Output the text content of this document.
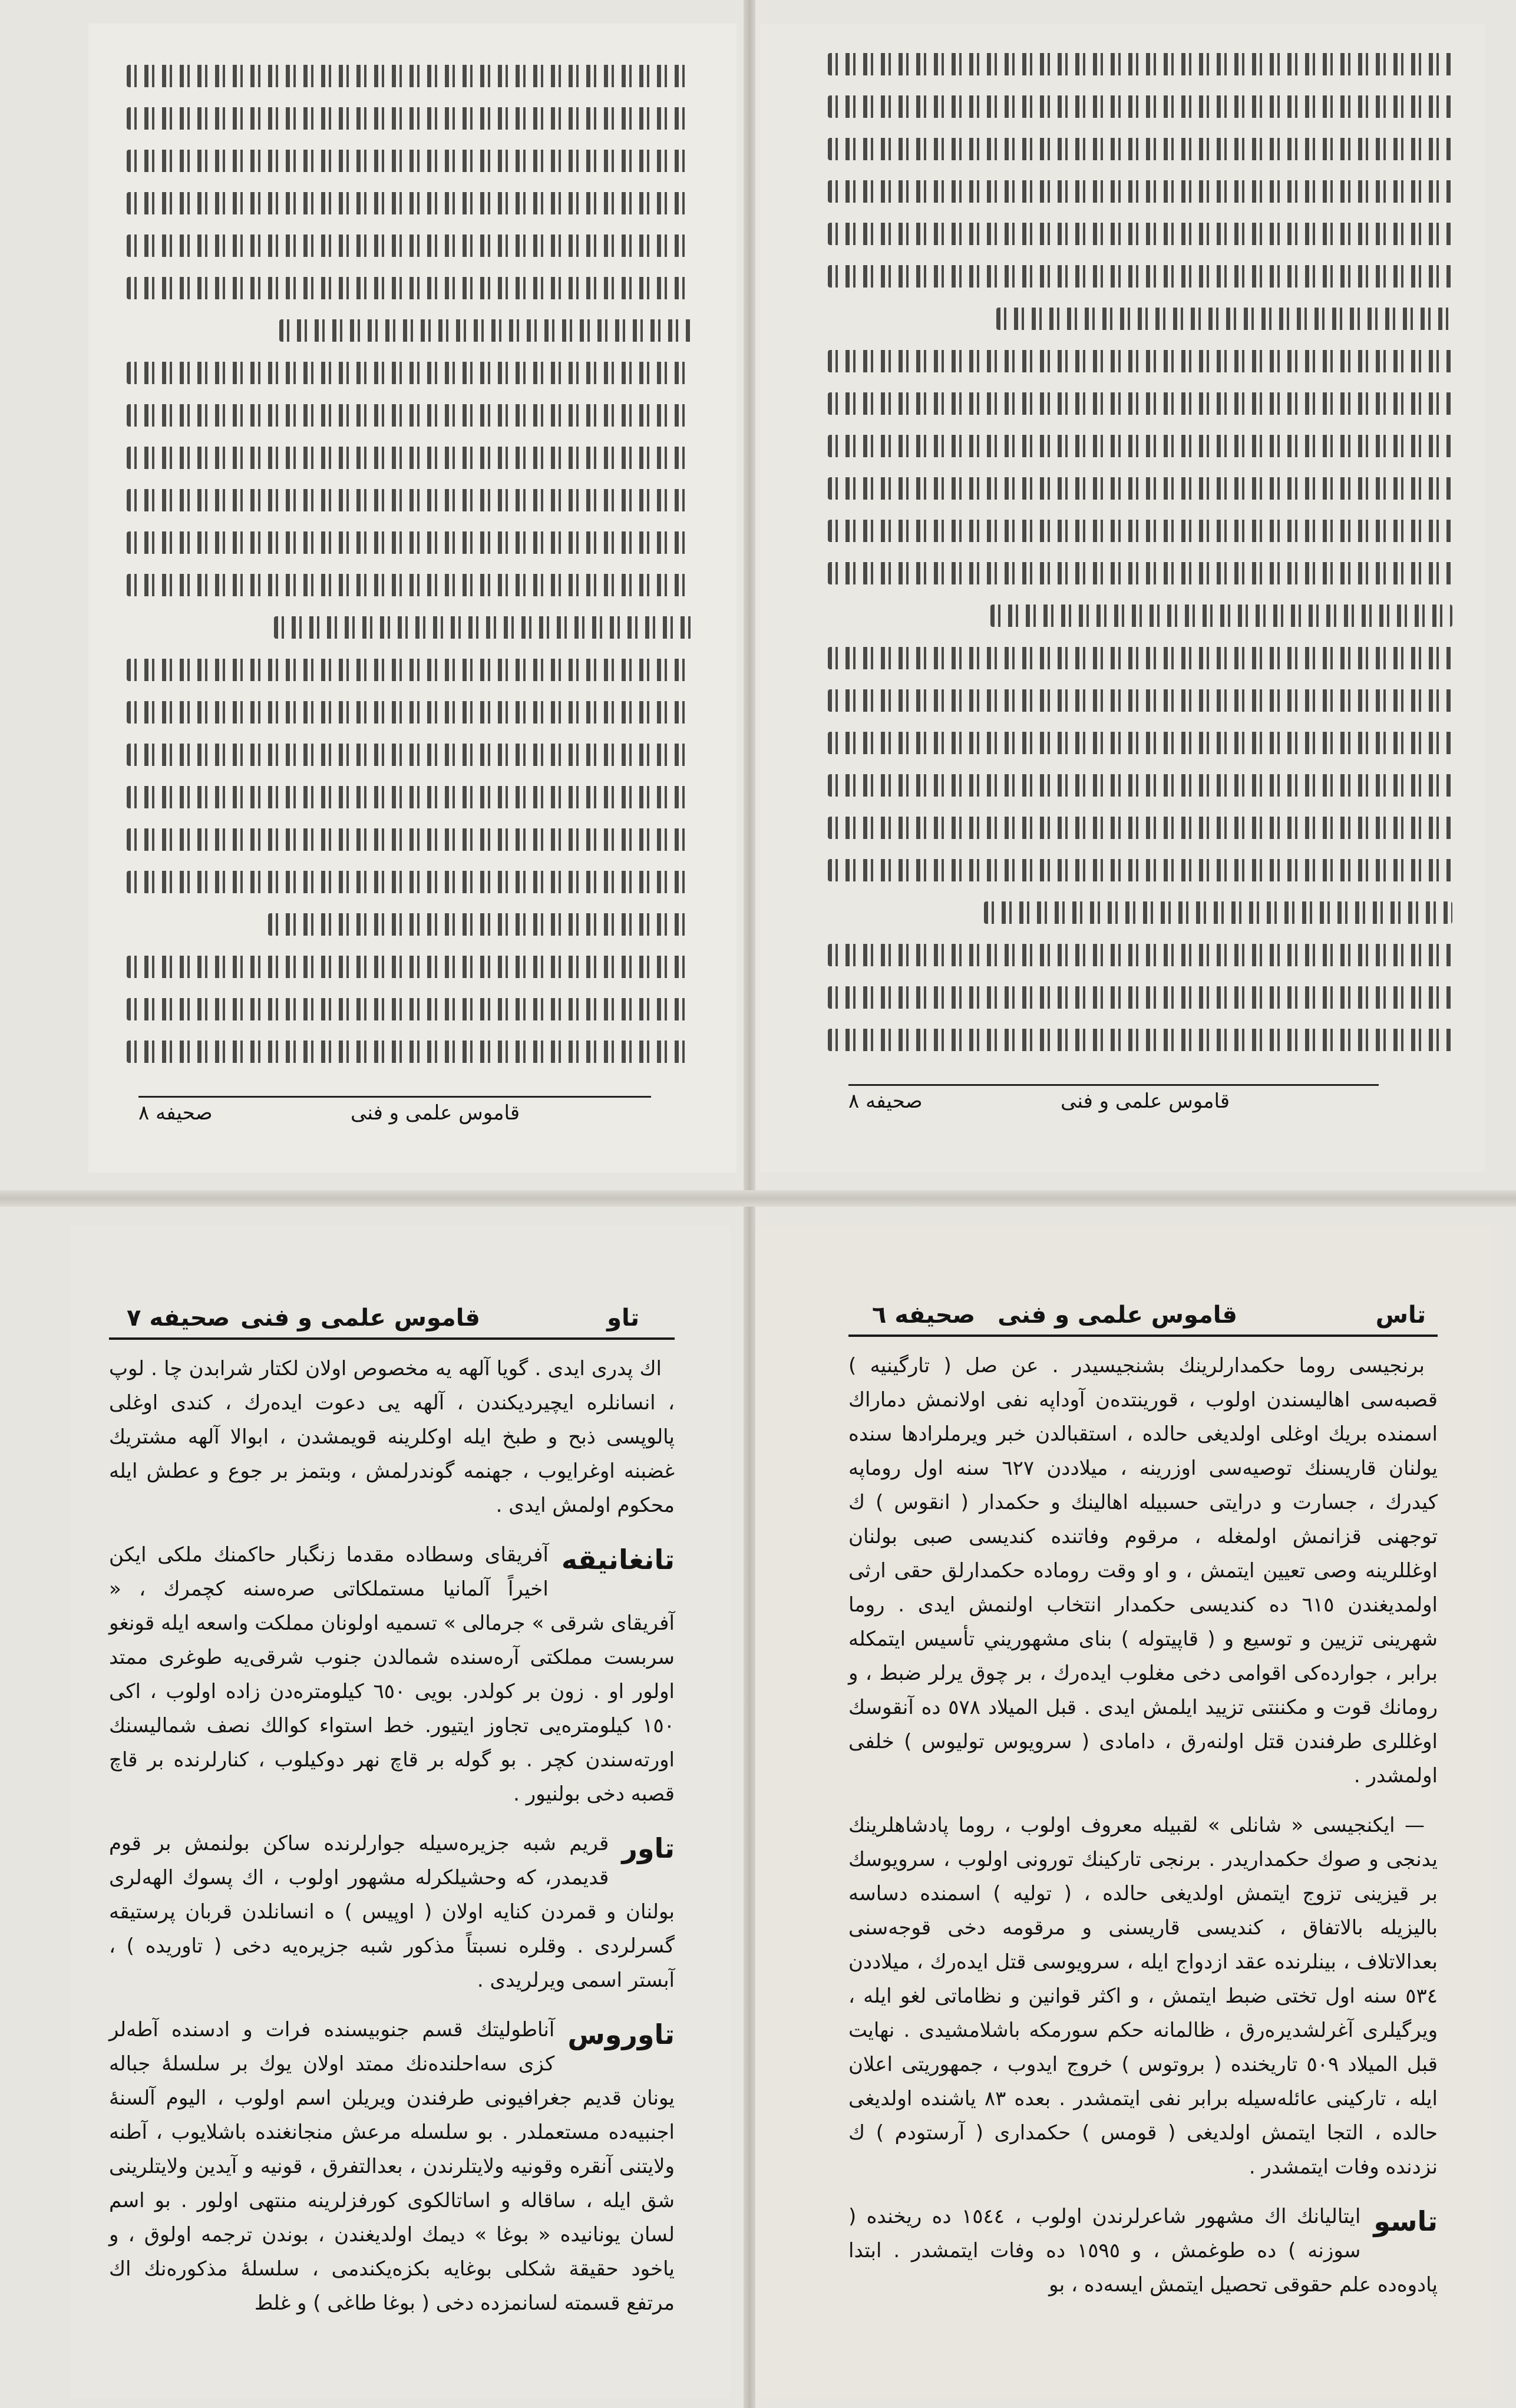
صحيفه ٨	قاموس علمى و فنى	صحيفه ٨	قاموس علمى و فنى
تاو
قاموس علمى و فنى
صحيفه ٧

اك پدرى ايدى . گويا آلهه يه مخصوص اولان لكتار شرابدن چا . لوپ ، انسانلره ايچيرديكندن ، آلهه يى دعوت ايدەرك ، كندى اوغلى پالوپسى ذبح و طبخ ايله اوكلرينه قويمشدن ، ابوالا آلهه مشتريك غضبنه اوغرايوب ، جهنمه گوندرلمش ، وبتمز بر جوع و عطش ايله محكوم اولمش ايدى .

تانغانيقه

آفريقاى وسطاده مقدما زنگبار حاكمنك ملكى ايكن اخيراً آلمانيا مستملكاتى صره‌سنه كچمرك ، « آفريقاى شرقى » جرمالى » تسميه اولونان مملكت واسعه ايله قونغو سربست مملكتى آره‌سنده شمالدن جنوب شرقى‌يه طوغرى ممتد اولور او . زون بر كولدر. بويى ٦٥٠ كيلومتره‌دن زاده اولوب ، اكى ١٥٠ كيلومتره‌يى تجاوز ايتيور. خط استواء كوالك نصف شماليسنك اورته‌سندن كچر . بو گوله بر قاچ نهر دوكيلوب ، كنارلرنده بر قاچ قصبه دخى بولنيور .

تاور

قريم شبه جزيره‌سيله جوارلرنده ساكن بولنمش بر قوم قديمدر، كه وحشيلكرله مشهور اولوب ، اك پسوك الهه‌لرى بولنان و قمردن كنايه اولان ( اوپيس ) ه انسانلدن قربان پرستيقه گسرلردى . وقلره نسبتاً مذكور شبه جزيره‌يه دخى ( تاوريده ) ، آبستر اسمى ويرلريدى .

تاوروس

آناطوليتك قسم جنوبيسنده فرات و ادسنده آطه‌لر كزى سه‌احلنده‌نك ممتد اولان يوك بر سلسلهٔ جباله يونان قديم جغرافيونى طرفندن ويريلن اسم اولوب ، اليوم آلسنهٔ اجنبيه‌ده مستعملدر . بو سلسله مرعش منجانغنده باشلايوب ، آطنه ولايتنى آنقره وقونيه ولايتلرندن ، بعدالتفرق ، قونيه و آيدين ولايتلرينى شق ايله ، ساقاله و اساتالكوى كورفزلرينه منتهى اولور . بو اسم لسان يونانيده « بوغا » ديمك اولديغندن ، بوندن ترجمه اولوق ، و ياخود حقيقة شكلى بوغايه بكزه‌يكندمى ، سلسلهٔ مذكوره‌نك اك مرتفع قسمته لسانمزده دخى ( بوغا طاغى ) و غلط

تاس
قاموس علمى و فنى
صحيفه ٦

برنجيسى روما حكمدارلرينك بشنجيسيدر . عن صل ( تارگينيه ) قصبه‌سى اهاليسندن اولوب ، قورينتده‌ن آوداپه نفى اولانمش دماراك اسمنده بريك اوغلى اولديغى حالده ، استقبالدن خبر ويرملرادها سنده يولنان قاريسنك توصيه‌سى اوزرينه ، ميلاددن ٦٢٧ سنه اول روماپه كيدرك ، جسارت و درايتى حسبيله اهالينك و حكمدار ( انقوس ) ك توجهنى قزانمش اولمغله ، مرقوم وفاتنده كنديسى صبى بولنان اوغللرينه وصى تعيين ايتمش ، و او وقت روماده حكمدارلق حقى ارثى اولمديغندن ٦١٥ ده كنديسى حكمدار انتخاب اولنمش ايدى . روما شهرينى تزيين و توسيع و ( قاپيتوله ) بناى مشهوريني تأسيس ايتمكله برابر ، جوارده‌كى اقوامى دخى مغلوب ايده‌رك ، بر چوق يرلر ضبط ، و رومانك قوت و مكننتى تزييد ايلمش ايدى . قبل الميلاد ٥٧٨ ده آنقوسك اوغللرى طرفندن قتل اولنه‌رق ، دامادى ( سرويوس توليوس ) خلفى اولمشدر .

— ايكنجيسى « شانلى » لقبيله معروف اولوب ، روما پادشاهلرينك يدنجى و صوك حكمداريدر . برنجى تاركينك تورونى اولوب ، سرويوسك بر قيزينى تزوج ايتمش اولديغى حالده ، ( توليه ) اسمنده دساسه باليزيله بالاتفاق ، كنديسى قاريسنى و مرقومه دخى قوجه‌سنى بعدالاتلاف ، بينلرنده عقد ازدواج ايله ، سرويوسى قتل ايده‌رك ، ميلاددن ٥٣٤ سنه اول تختى ضبط ايتمش ، و اكثر قوانين و نظاماتى لغو ايله ، ويرگيلرى آغرلشديره‌رق ، ظالمانه حكم سورمكه باشلامشيدى . نهايت قبل الميلاد ٥٠٩ تاريخنده ( بروتوس ) خروج ايدوب ، جمهوريتى اعلان ايله ، تاركينى عائله‌سيله برابر نفى ايتمشدر . بعده ٨٣ ياشنده اولديغى حالده ، التجا ايتمش اولديغى ( قومس ) حكمدارى ( آرستودم ) ك نزدنده وفات ايتمشدر .

تاسو

ايتاليانك اك مشهور شاعرلرندن اولوب ، ١٥٤٤ ده ريخنده ( سوزنه ) ده طوغمش ، و ١٥٩٥ ده وفات ايتمشدر . ابتدا پادوه‌ده علم حقوقى تحصيل ايتمش ايسه‌ده ، بو
